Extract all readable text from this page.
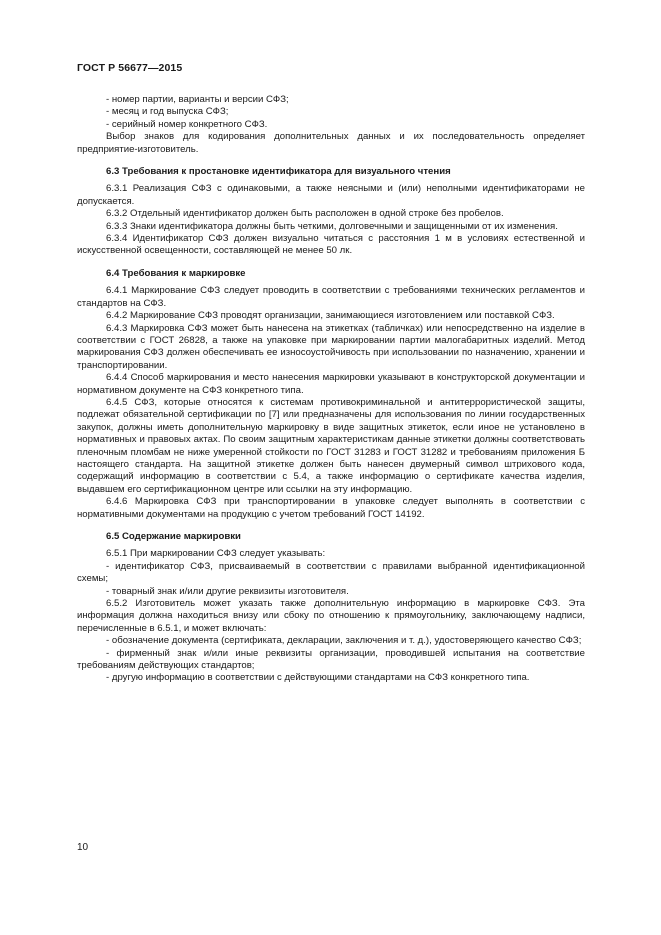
ГОСТ Р 56677—2015

- номер партии, варианты и версии СФЗ;

- месяц и год выпуска СФЗ;

- серийный номер конкретного СФЗ.

Выбор знаков для кодирования дополнительных данных и их последовательность определяет предприятие-изготовитель.

6.3 Требования к простановке идентификатора для визуального чтения

6.3.1 Реализация СФЗ с одинаковыми, а также неясными и (или) неполными идентификаторами не допускается.

6.3.2 Отдельный идентификатор должен быть расположен в одной строке без пробелов.

6.3.3 Знаки идентификатора должны быть четкими, долговечными и защищенными от их изменения.

6.3.4 Идентификатор СФЗ должен визуально читаться с расстояния 1 м в условиях естественной и искусственной освещенности, составляющей не менее 50 лк.

6.4 Требования к маркировке

6.4.1 Маркирование СФЗ следует проводить в соответствии с требованиями технических регламентов и стандартов на СФЗ.

6.4.2 Маркирование СФЗ проводят организации, занимающиеся изготовлением или поставкой СФЗ.

6.4.3 Маркировка СФЗ может быть нанесена на этикетках (табличках) или непосредственно на изделие в соответствии с ГОСТ 26828, а также на упаковке при маркировании партии малогабаритных изделий. Метод маркирования СФЗ должен обеспечивать ее износоустойчивость при использовании по назначению, хранении и транспортировании.

6.4.4 Способ маркирования и место нанесения маркировки указывают в конструкторской документации и нормативном документе на СФЗ конкретного типа.

6.4.5 СФЗ, которые относятся к системам противокриминальной и антитеррористической защиты, подлежат обязательной сертификации по [7] или предназначены для использования по линии государственных закупок, должны иметь дополнительную маркировку в виде защитных этикеток, если иное не установлено в нормативных и правовых актах. По своим защитным характеристикам данные этикетки должны соответствовать пленочным пломбам не ниже умеренной стойкости по ГОСТ 31283 и ГОСТ 31282 и требованиям приложения Б настоящего стандарта. На защитной этикетке должен быть нанесен двумерный символ штрихового кода, содержащий информацию в соответствии с 5.4, а также информацию о сертификате качества изделия, выдавшем его сертификационном центре или ссылки на эту информацию.

6.4.6 Маркировка СФЗ при транспортировании в упаковке следует выполнять в соответствии с нормативными документами на продукцию с учетом требований ГОСТ 14192.

6.5 Содержание маркировки

6.5.1 При маркировании СФЗ следует указывать:

- идентификатор СФЗ, присваиваемый в соответствии с правилами выбранной идентификационной схемы;

- товарный знак и/или другие реквизиты изготовителя.

6.5.2 Изготовитель может указать также дополнительную информацию в маркировке СФЗ. Эта информация должна находиться внизу или сбоку по отношению к прямоугольнику, заключающему надписи, перечисленные в 6.5.1, и может включать:

- обозначение документа (сертификата, декларации, заключения и т. д.), удостоверяющего качество СФЗ;

- фирменный знак и/или иные реквизиты организации, проводившей испытания на соответствие требованиям действующих стандартов;

- другую информацию в соответствии с действующими стандартами на СФЗ конкретного типа.

10
